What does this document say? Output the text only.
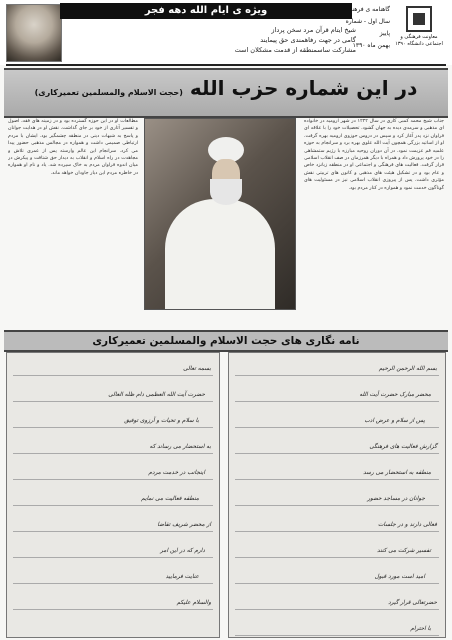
ویژه ی ایام الله دهه فجر
شیخ ایتام قرآن مرد سخن پرداز
گامی در جهت رفاهمندی حق پیمایند
مشارکت ساسمنطقه از قدمت مشکلان است
گاهنامه ی فرهنگی
سال اول - شماره
پاییز
بهمن ماه ۱۳۹۰
معاونت فرهنگی و اجتماعی دانشگاه ۱۳۹۰
در این شماره حزب الله (حجت الاسلام والمسلمین تعمیرکاری)
جناب شیخ محمد کمبی کاری در سال ۱۲۴۲ در شهر ارومیه در خانواده ای مذهبی و سرمدی دیده به جهان گشود. تحصیلات خود را با علاقه ای فراوان نزد پدر آغاز کرد و سپس در دروس حوزوی ارومیه بهره گرفت. او از اساتید بزرگی همچون آیت الله علوی بهره برد و سرانجام به حوزه علمیه قم عزیمت نمود. در آن دوران روحیه مبارزه با رژیم ستمشاهی را در خود پرورش داد و همراه با دیگر همرزمان در صف انقلاب اسلامی قرار گرفت. فعالیت های فرهنگی و اجتماعی او در منطقه زبانزد خاص و عام بود و در تشکیل هیئت های مذهبی و کانون های تربیتی نقش مؤثری داشت. پس از پیروزی انقلاب اسلامی نیز در مسئولیت های گوناگون خدمت نمود و همواره در کنار مردم بود.
مطالعات او در این حوزه گسترده بود و در زمینه های فقه، اصول و تفسیر آثاری از خود بر جای گذاشت. نقش او در هدایت جوانان و پاسخ به شبهات دینی در منطقه چشمگیر بود. ایشان با مردم ارتباطی صمیمی داشت و همواره در مجالس مذهبی حضور پیدا می کرد. سرانجام این عالم وارسته پس از عمری تلاش و مجاهدت در راه اسلام و انقلاب به دیدار حق شتافت و پیکرش در میان اندوه فراوان مردم به خاک سپرده شد. یاد و نام او همواره در خاطره مردم این دیار جاودان خواهد ماند.
نامه نگاری های حجت الاسلام والمسلمین تعمیرکاری
بسم الله الرحمن الرحیم
محضر مبارک حضرت آیت الله
پس از سلام و عرض ادب
گزارش فعالیت های فرهنگی
منطقه به استحضار می رسد
جوانان در مساجد حضور
فعالی دارند و در جلسات
تفسیر شرکت می کنند
امید است مورد قبول
حضرتعالی قرار گیرد
با احترام
بسمه تعالی
حضرت آیت الله العظمی دام ظله العالی
با سلام و تحیات و آرزوی توفیق
به استحضار می رساند که
اینجانب در خدمت مردم
منطقه فعالیت می نمایم
از محضر شریف تقاضا
دارم که در این امر
عنایت فرمایید
والسلام علیکم
